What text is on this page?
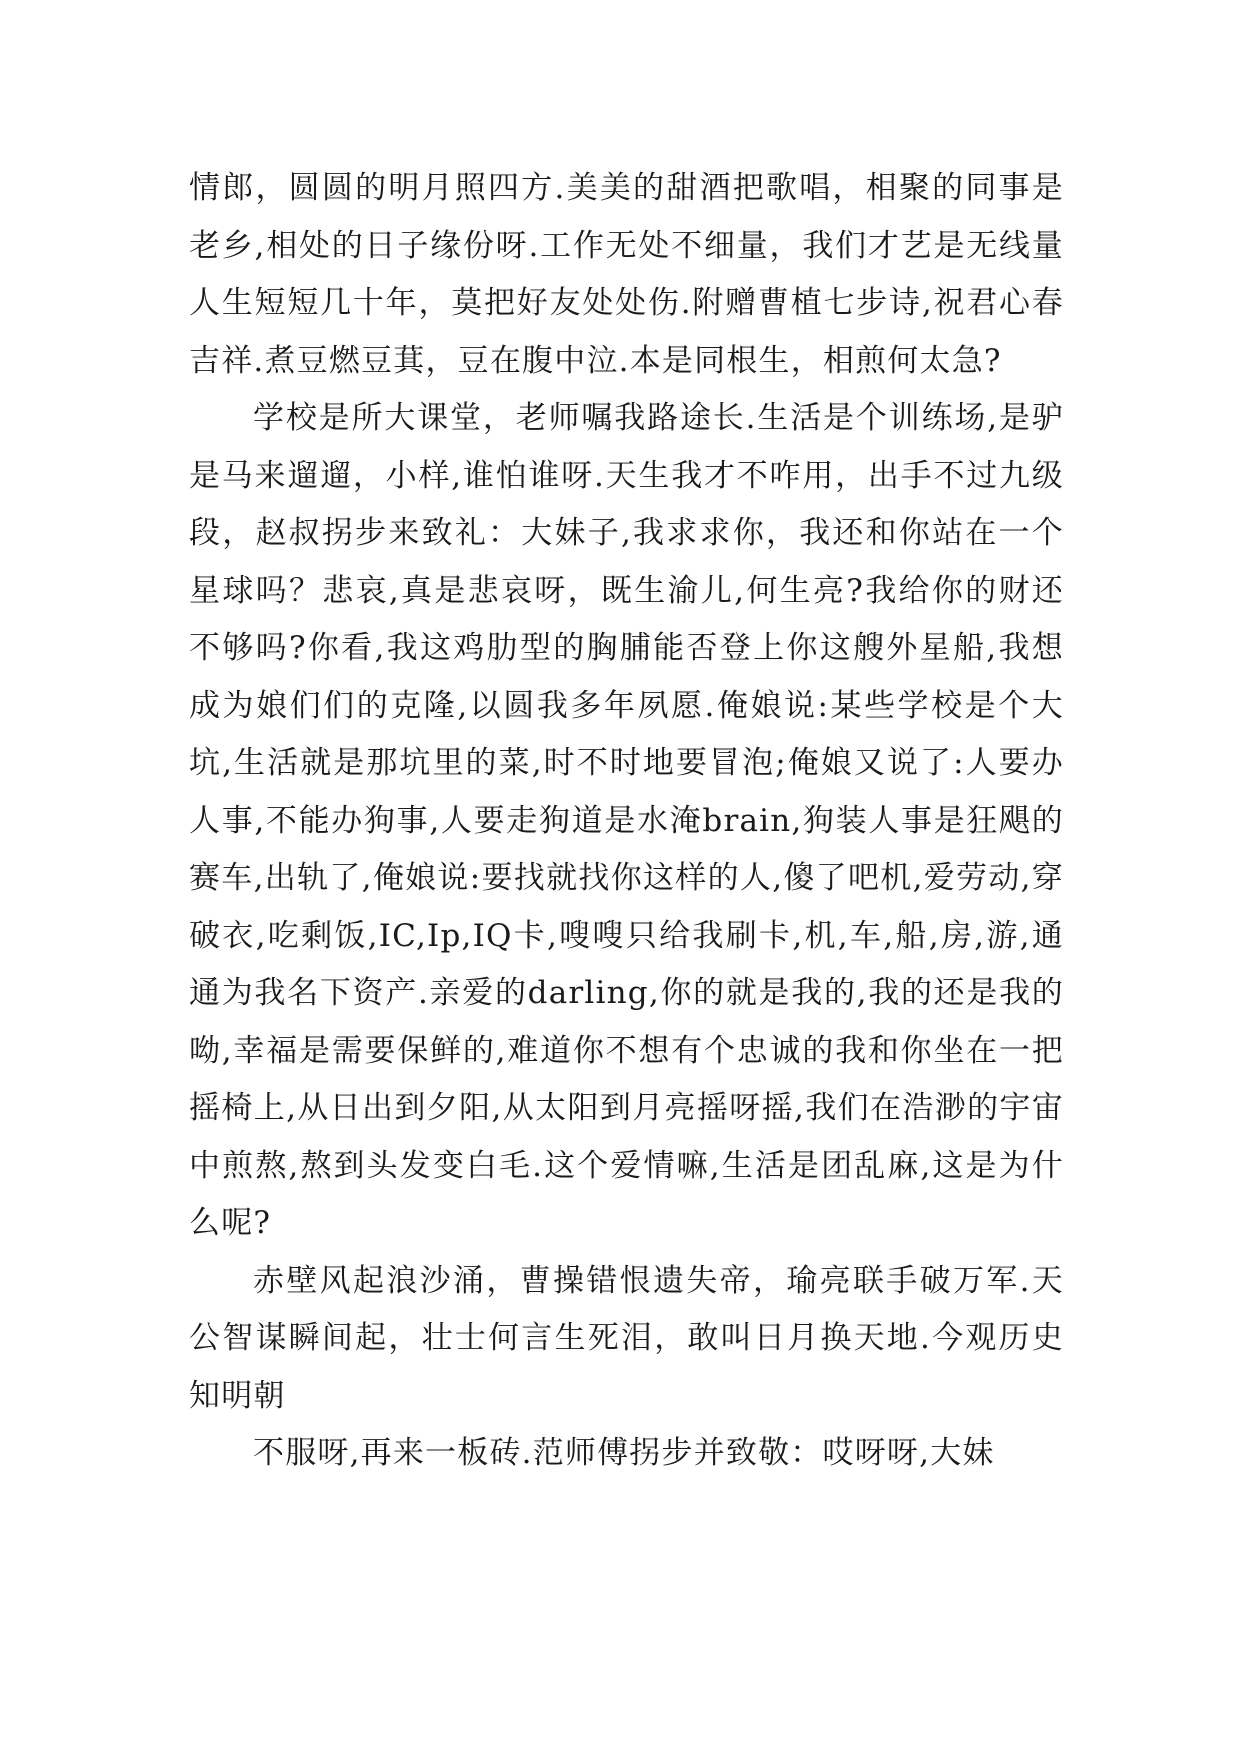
情郎，圆圆的明月照四方.美美的甜酒把歌唱，相聚的同事是老乡,相处的日子缘份呀.工作无处不细量，我们才艺是无线量人生短短几十年，莫把好友处处伤.附赠曹植七步诗,祝君心春吉祥.煮豆燃豆萁，豆在腹中泣.本是同根生，相煎何太急?

学校是所大课堂，老师嘱我路途长.生活是个训练场,是驴是马来遛遛，小样,谁怕谁呀.天生我才不咋用，出手不过九级段，赵叔拐步来致礼：大妹子,我求求你，我还和你站在一个星球吗？悲哀,真是悲哀呀，既生渝儿,何生亮?我给你的财还不够吗?你看,我这鸡肋型的胸脯能否登上你这艘外星船,我想成为娘们们的克隆,以圆我多年夙愿.俺娘说:某些学校是个大坑,生活就是那坑里的菜,时不时地要冒泡;俺娘又说了:人要办人事,不能办狗事,人要走狗道是水淹brain,狗装人事是狂飓的赛车,出轨了,俺娘说:要找就找你这样的人,傻了吧机,爱劳动,穿破衣,吃剩饭,IC,Ip,IQ卡,嗖嗖只给我刷卡,机,车,船,房,游,通通为我名下资产.亲爱的darling,你的就是我的,我的还是我的呦,幸福是需要保鲜的,难道你不想有个忠诚的我和你坐在一把摇椅上,从日出到夕阳,从太阳到月亮摇呀摇,我们在浩渺的宇宙中煎熬,熬到头发变白毛.这个爱情嘛,生活是团乱麻,这是为什么呢?

赤壁风起浪沙涌，曹操错恨遗失帝，瑜亮联手破万军.天公智谋瞬间起，壮士何言生死泪，敢叫日月换天地.今观历史知明朝

不服呀,再来一板砖.范师傅拐步并致敬：哎呀呀,大妹
